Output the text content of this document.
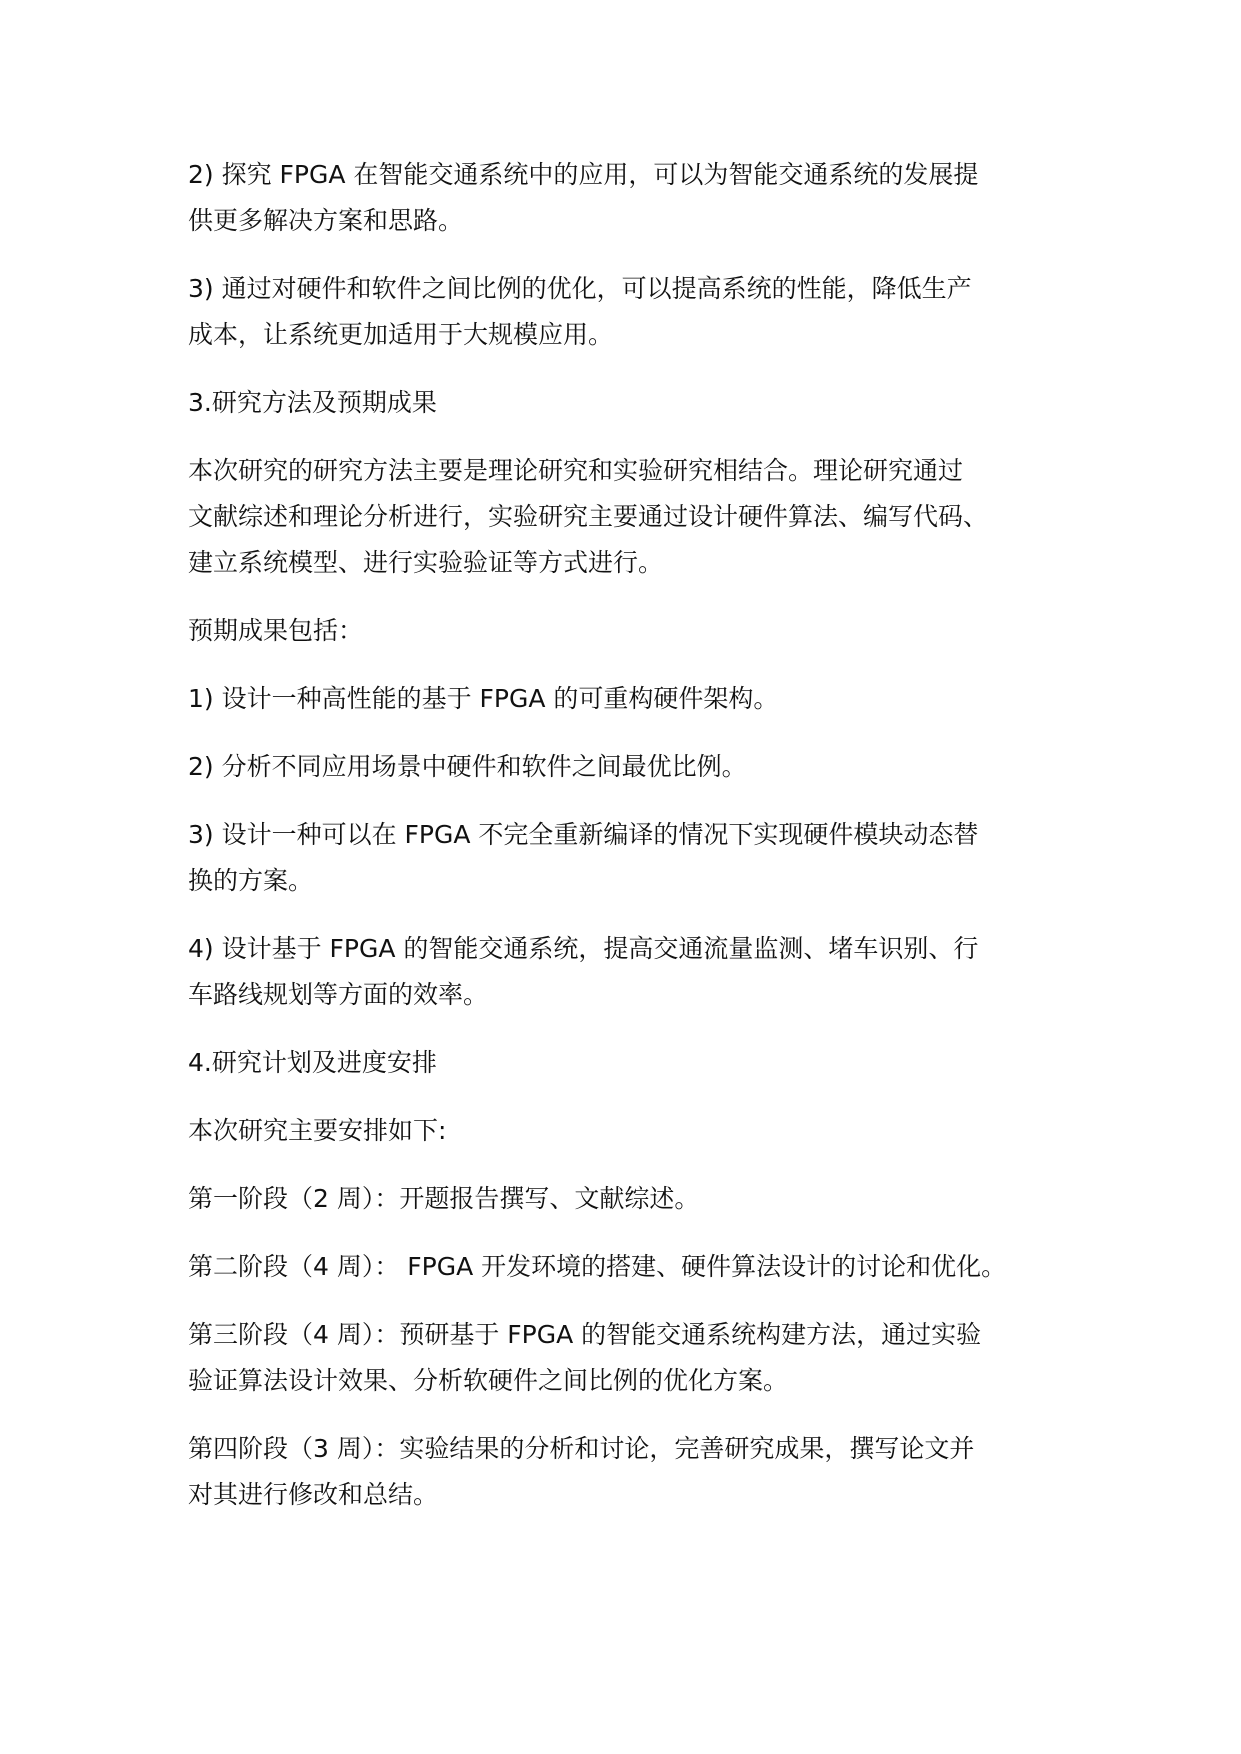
2) 探究 FPGA 在智能交通系统中的应用，可以为智能交通系统的发展提
供更多解决方案和思路。

3) 通过对硬件和软件之间比例的优化，可以提高系统的性能，降低生产
成本，让系统更加适用于大规模应用。

3.研究方法及预期成果

本次研究的研究方法主要是理论研究和实验研究相结合。理论研究通过
文献综述和理论分析进行，实验研究主要通过设计硬件算法、编写代码、
建立系统模型、进行实验验证等方式进行。

预期成果包括：

1) 设计一种高性能的基于 FPGA 的可重构硬件架构。

2) 分析不同应用场景中硬件和软件之间最优比例。

3) 设计一种可以在 FPGA 不完全重新编译的情况下实现硬件模块动态替
换的方案。

4) 设计基于 FPGA 的智能交通系统，提高交通流量监测、堵车识别、行
车路线规划等方面的效率。

4.研究计划及进度安排

本次研究主要安排如下:

第一阶段（2 周）：开题报告撰写、文献综述。

第二阶段（4 周）： FPGA 开发环境的搭建、硬件算法设计的讨论和优化。

第三阶段（4 周）：预研基于 FPGA 的智能交通系统构建方法，通过实验
验证算法设计效果、分析软硬件之间比例的优化方案。

第四阶段（3 周）：实验结果的分析和讨论，完善研究成果，撰写论文并
对其进行修改和总结。
